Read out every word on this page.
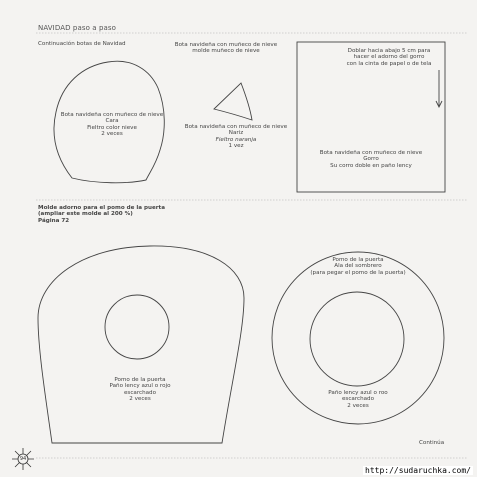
NAVIDAD paso a paso
Continuación botas de Navidad
Bota navideña con muñeco de nieve
Cara
Fieltro color nieve
2 veces
Bota navideña con muñeco de nieve
molde muñeco de nieve
Bota navideña con muñeco de nieve
Nariz
Fieltro naranja
1 vez
Doblar hacia abajo 5 cm para
hacer el adorno del gorro
con la cinta de papel o de tela
Bota navideña con muñeco de nieve
Gorro
Su corro doble en paño lency
Molde adorno para el pomo de la puerta
(ampliar este molde al 200 %)
Página 72
Pomo de la puerta
Paño lency azul o rojo
escarchado
2 veces
Pomo de la puerta
Ala del sombrero
(para pegar el pomo de la puerta)
Paño lency azul o roo
escarchado
2 veces
Continúa
94
http://sudaruchka.com/
